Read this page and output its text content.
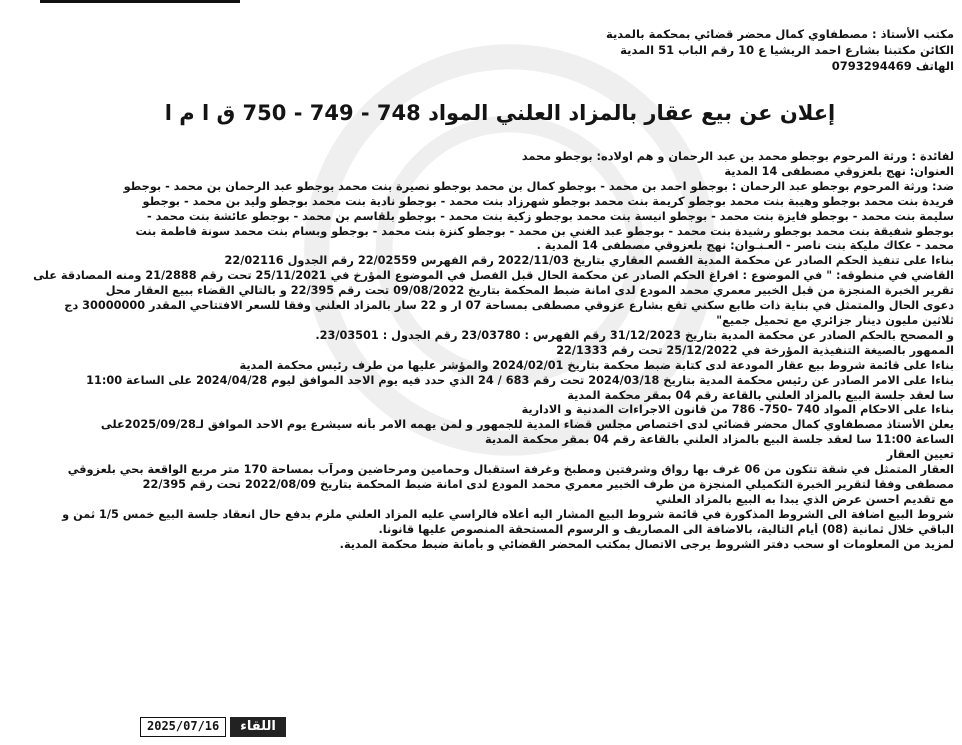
مكتب الأستاذ : مصطفاوي كمال محضر قضائي بمحكمة بالمدية
الكائن مكتبنا بشارع احمد الريشيا ع 10 رقم الباب 51 المدية
الهاتف 0793294469
إعلان عن بيع عقار بالمزاد العلني المواد 748 - 749 - 750 ق ا م ا
لفائدة : ورثة المرحوم بوجطو محمد بن عبد الرحمان و هم اولاده: بوجطو محمد
العنوان: نهج بلعزوقي مصطفى 14 المدية
ضد: ورثة المرحوم بوجطو عبد الرحمان : بوجطو احمد بن محمد - بوجطو كمال بن محمد بوجطو نصيرة بنت محمد بوجطو عبد الرحمان بن محمد - بوجطو
فريدة بنت محمد بوجطو وهيبة بنت محمد بوجطو كريمة بنت محمد بوجطو شهرزاد بنت محمد - بوجطو نادية بنت محمد بوجطو وليد بن محمد - بوجطو
سليمة بنت محمد - بوجطو فايزة بنت محمد - بوجطو انيسة بنت محمد بوجطو زكية بنت محمد - بوجطو بلقاسم بن محمد - بوجطو عائشة بنت محمد -
بوجطو شفيقة بنت محمد بوجطو رشيدة بنت محمد - بوجطو عبد الغني بن محمد - بوجطو كنزة بنت محمد - بوجطو وبسام بنت محمد سونة فاطمة بنت
محمد - عكاك مليكة بنت ناصر - العـنـوان: نهج بلعزوقي مصطفى 14 المدية .
بناءا على تنفيذ الحكم الصادر عن محكمة المدية القسم العقاري بتاريخ 2022/11/03 رقم الفهرس 22/02559 رقم الجدول 22/02116
القاضي في منطوقه: " في الموضوع : افراغ الحكم الصادر عن محكمة الحال قبل الفصل في الموضوع المؤرخ في 25/11/2021 تحت رقم 21/2888 ومنه المصادقة على
تقرير الخبرة المنجزة من قبل الخبير معمري محمد المودع لدى امانة ضبط المحكمة بتاريخ 09/08/2022 تحت رقم 22/395 و بالتالي القضاء ببيع العقار محل
دعوى الحال والمتمثل في بناية ذات طابع سكني تقع بشارع عزوقي مصطفى بمساحة 07 ار و 22 سار بالمزاد العلني وفقا للسعر الافتتاحي المقدر 30000000 دج
ثلاثين مليون دينار جزائري مع تحميل جميع"
و المصحح بالحكم الصادر عن محكمة المدية بتاريخ 31/12/2023 رقم الفهرس : 23/03780 رقم الجدول : 23/03501.
الممهور بالصيغة التنفيذية المؤرخة في 25/12/2022 تحت رقم 22/1333
بناءا على قائمة شروط بيع عقار المودعة لدى كتابة ضبط محكمة بتاريخ 2024/02/01 والمؤشر عليها من طرف رئيس محكمة المدية
بناءا على الامر الصادر عن رئيس محكمة المدية بتاريخ 2024/03/18 تحت رقم 683 / 24 الذي حدد فيه يوم الاحد الموافق ليوم 2024/04/28 على الساعة 11:00
سا لعقد جلسة البيع بالمزاد العلني بالقاعة رقم 04 بمقر محكمة المدية
بناءا على الاحكام المواد 740 -750- 786 من قانون الاجراءات المدنية و الادارية
يعلن الأستاذ مصطفاوي كمال محضر قضائي لدى اختصاص مجلس قضاء المدية للجمهور و لمن يهمه الامر بأنه سيشرع يوم الاحد الموافق لـ2025/09/28على
الساعة 11:00 سا لعقد جلسة البيع بالمزاد العلني بالقاعة رقم 04 بمقر محكمة المدية
تعيين العقار
العقار المتمثل في شقة تتكون من 06 غرف بها رواق وشرفتين ومطبخ وغرفة استقبال وحمامين ومرحاضين ومرآب بمساحة 170 متر مربع الواقعة بحي بلعزوقي
مصطفى وفقا لتقرير الخبرة التكميلي المنجزة من طرف الخبير معمري محمد المودع لدى امانة ضبط المحكمة بتاريخ 2022/08/09 تحت رقم 22/395
مع تقديم احسن عرض الذي يبدا به البيع بالمزاد العلني
شروط البيع اضافة الى الشروط المذكورة في قائمة شروط البيع المشار اليه أعلاه فالراسي عليه المزاد العلني ملزم بدفع حال انعقاد جلسة البيع خمس 1/5 ثمن و
الباقي خلال ثمانية (08) أيام التالية، بالاضافة الى المصاريف و الرسوم المستحقة المنصوص عليها قانونا.
لمزيد من المعلومات او سحب دفتر الشروط يرجى الاتصال بمكتب المحضر القضائي و بأمانة ضبط محكمة المدية.
2025/07/16	اللقاء
